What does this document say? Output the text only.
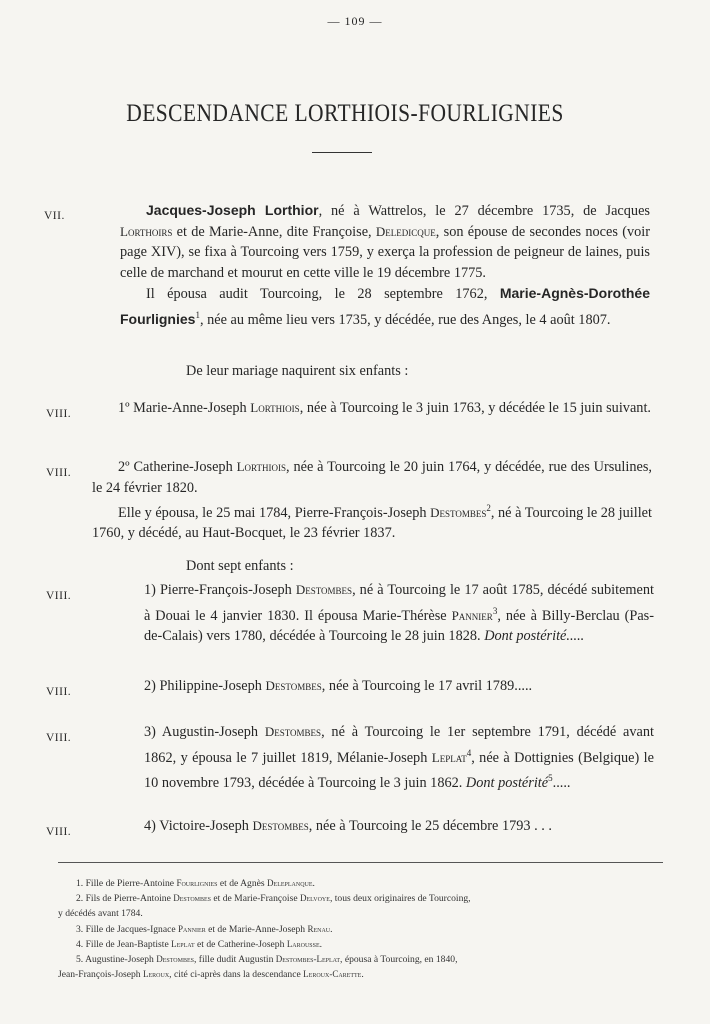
— 109 —
DESCENDANCE LORTHIOIS-FOURLIGNIES
VII.	Jacques-Joseph Lorthior, né à Wattrelos, le 27 décembre 1735, de Jacques Lorthoirs et de Marie-Anne, dite Françoise, Deledicque, son épouse de secondes noces (voir page XIV), se fixa à Tourcoing vers 1759, y exerça la profession de peigneur de laines, puis celle de marchand et mourut en cette ville le 19 décembre 1775.

Il épousa audit Tourcoing, le 28 septembre 1762, Marie-Agnès-Dorothée Fourlignies$^1$, née au même lieu vers 1735, y décédée, rue des Anges, le 4 août 1807.

De leur mariage naquirent six enfants :
VIII.	1º Marie-Anne-Joseph Lorthiois, née à Tourcoing le 3 juin 1763, y décédée le 15 juin suivant.

VIII.	2º Catherine-Joseph Lorthiois, née à Tourcoing le 20 juin 1764, y décédée, rue des Ursulines, le 24 février 1820.

Elle y épousa, le 25 mai 1784, Pierre-François-Joseph Destombes$^2$, né à Tourcoing le 28 juillet 1760, y décédé, au Haut-Bocquet, le 23 février 1837.

Dont sept enfants :
VIII.	1) Pierre-François-Joseph Destombes, né à Tourcoing le 17 août 1785, décédé subitement à Douai le 4 janvier 1830. Il épousa Marie-Thérèse Pannier$^3$, née à Billy-Berclau (Pas-de-Calais) vers 1780, décédée à Tourcoing le 28 juin 1828. Dont postérité.....

VIII.	2) Philippine-Joseph Destombes, née à Tourcoing le 17 avril 1789.....

VIII.	3) Augustin-Joseph Destombes, né à Tourcoing le 1er septembre 1791, décédé avant 1862, y épousa le 7 juillet 1819, Mélanie-Joseph Leplat$^4$, née à Dottignies (Belgique) le 10 novembre 1793, décédée à Tourcoing le 3 juin 1862. Dont postérité$^5$.....

VIII.	4) Victoire-Joseph Destombes, née à Tourcoing le 25 décembre 1793 . . .

1. Fille de Pierre-Antoine Fourlignies et de Agnès Deleplanque.
2. Fils de Pierre-Antoine Destombes et de Marie-Françoise Delvoye, tous deux originaires de Tourcoing,
y décédés avant 1784.
3. Fille de Jacques-Ignace Pannier et de Marie-Anne-Joseph Renau.
4. Fille de Jean-Baptiste Leplat et de Catherine-Joseph Larousse.
5. Augustine-Joseph Destombes, fille dudit Augustin Destombes-Leplat, épousa à Tourcoing, en 1840,
Jean-François-Joseph Leroux, cité ci-après dans la descendance Leroux-Carette.
